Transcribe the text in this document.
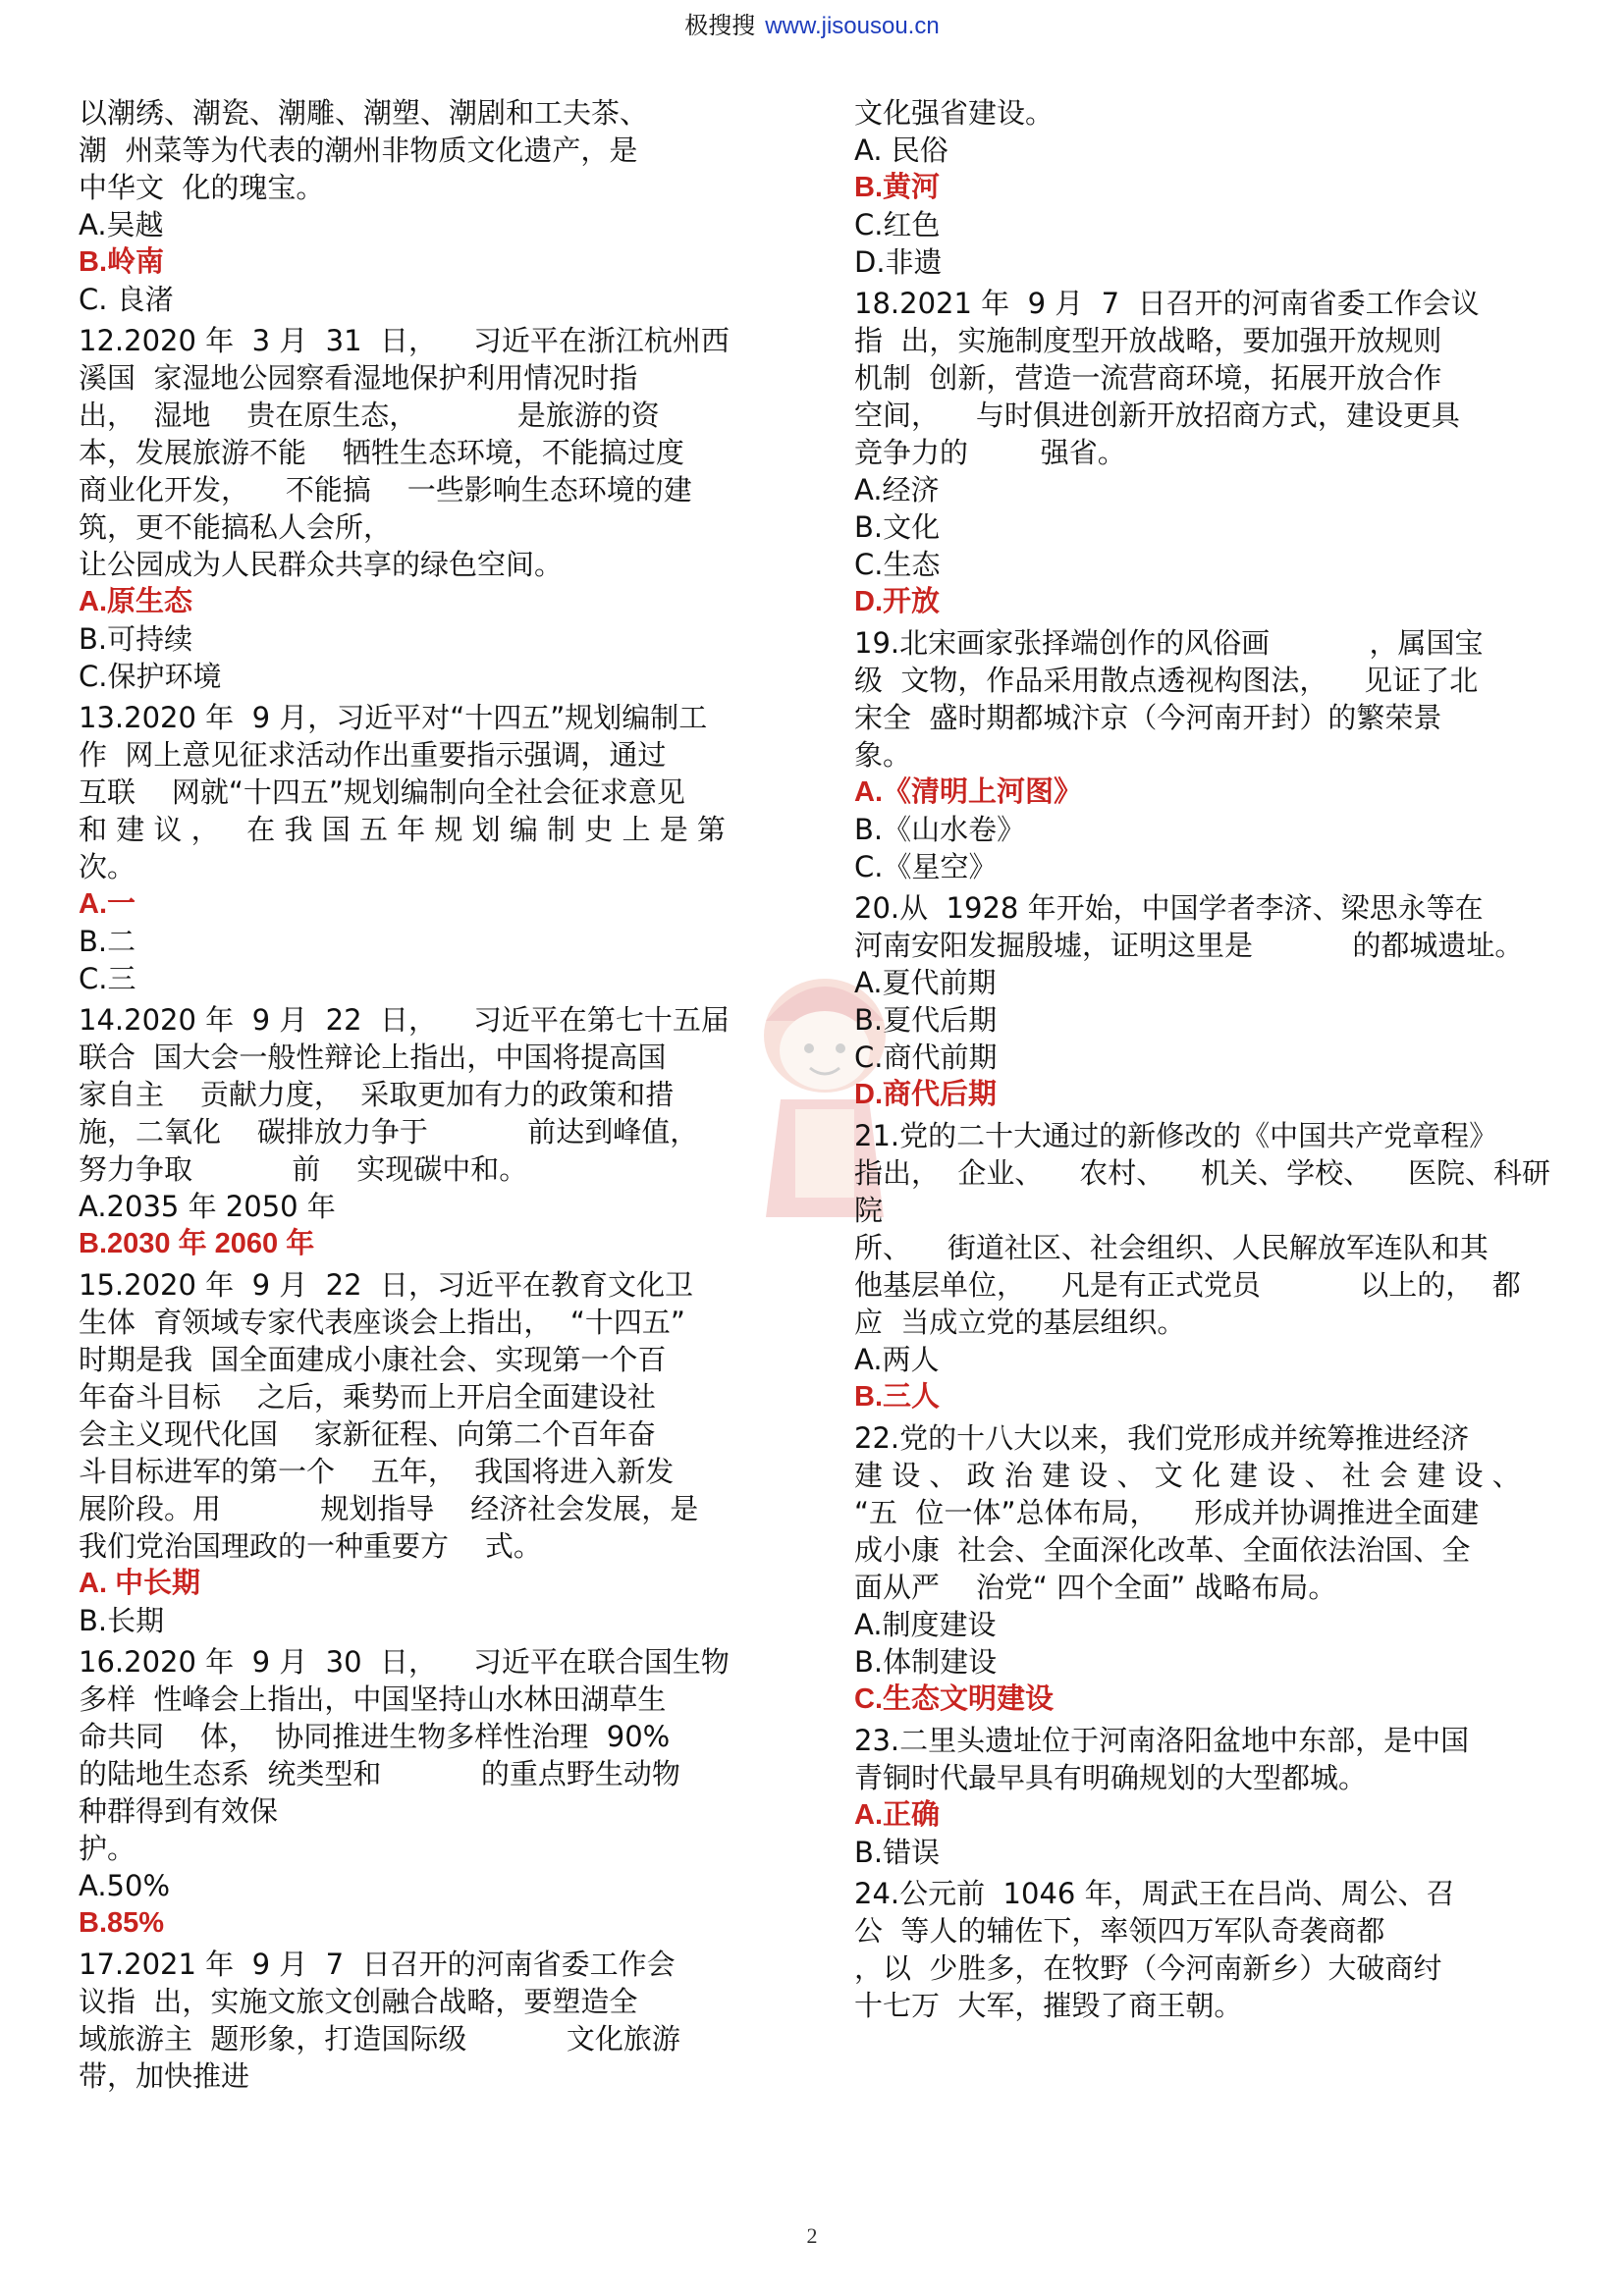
极搜搜 www.jisousou.cn
以潮绣、潮瓷、潮雕、潮塑、潮剧和工夫茶、
潮  州菜等为代表的潮州非物质文化遗产，是
中华文  化的瑰宝。
A.吴越
B.岭南
C. 良渚
12.2020 年  3 月  31  日，    习近平在浙江杭州西
溪国  家湿地公园察看湿地保护利用情况时指
出，  湿地    贵在原生态，           是旅游的资
本，发展旅游不能    牺牲生态环境，不能搞过度
商业化开发，    不能搞    一些影响生态环境的建
筑，更不能搞私人会所，
让公园成为人民群众共享的绿色空间。
A.原生态
B.可持续
C.保护环境
13.2020 年  9 月，习近平对“十四五”规划编制工
作  网上意见征求活动作出重要指示强调，通过
互联    网就“十四五”规划编制向全社会征求意见
和 建 议 ，   在 我 国 五 年 规 划 编 制 史 上 是 第
次。
A.一
B.二
C.三
14.2020 年  9 月  22  日，    习近平在第七十五届
联合  国大会一般性辩论上指出，中国将提高国
家自主    贡献力度，  采取更加有力的政策和措
施，二氧化    碳排放力争于           前达到峰值，
努力争取           前    实现碳中和。
A.2035 年 2050 年
B.2030 年 2060 年
15.2020 年  9 月  22  日，习近平在教育文化卫
生体  育领域专家代表座谈会上指出，  “十四五”
时期是我  国全面建成小康社会、实现第一个百
年奋斗目标    之后，乘势而上开启全面建设社
会主义现代化国    家新征程、向第二个百年奋
斗目标进军的第一个    五年，  我国将进入新发
展阶段。用           规划指导    经济社会发展，是
我们党治国理政的一种重要方    式。
A. 中长期
B.长期
16.2020 年  9 月  30  日，    习近平在联合国生物
多样  性峰会上指出，中国坚持山水林田湖草生
命共同    体，  协同推进生物多样性治理  90%
的陆地生态系  统类型和           的重点野生动物
种群得到有效保
护。
A.50%
B.85%
17.2021 年  9 月  7  日召开的河南省委工作会
议指  出，实施文旅文创融合战略，要塑造全
域旅游主  题形象，打造国际级           文化旅游
带，加快推进
文化强省建设。
A. 民俗
B.黄河
C.红色
D.非遗
18.2021 年  9 月  7  日召开的河南省委工作会议
指  出，实施制度型开放战略，要加强开放规则
机制  创新，营造一流营商环境，拓展开放合作
空间，    与时俱进创新开放招商方式，建设更具
竞争力的        强省。
A.经济
B.文化
C.生态
D.开放
19.北宋画家张择端创作的风俗画           ，属国宝
级  文物，作品采用散点透视构图法，    见证了北
宋全  盛时期都城汴京（今河南开封）的繁荣景
象。
A.《清明上河图》
B.《山水卷》
C.《星空》
20.从  1928 年开始，中国学者李济、梁思永等在
河南安阳发掘殷墟，证明这里是           的都城遗址。
A.夏代前期
B.夏代后期
C.商代前期
D.商代后期
21.党的二十大通过的新修改的《中国共产党章程》
指出，  企业、    农村、    机关、学校、    医院、科研院
所、    街道社区、社会组织、人民解放军连队和其
他基层单位，    凡是有正式党员           以上的，  都
应  当成立党的基层组织。
A.两人
B.三人
22.党的十八大以来，我们党形成并统筹推进经济
建 设 、 政 治 建 设 、 文 化 建 设 、 社 会 建 设 、
“五  位一体”总体布局，    形成并协调推进全面建
成小康  社会、全面深化改革、全面依法治国、全
面从严    治党“ 四个全面” 战略布局。
A.制度建设
B.体制建设
C.生态文明建设
23.二里头遗址位于河南洛阳盆地中东部，是中国
青铜时代最早具有明确规划的大型都城。
A.正确
B.错误
24.公元前  1046 年，周武王在吕尚、周公、召
公  等人的辅佐下，率领四万军队奇袭商都
，以  少胜多，在牧野（今河南新乡）大破商纣
十七万  大军，摧毁了商王朝。
2
